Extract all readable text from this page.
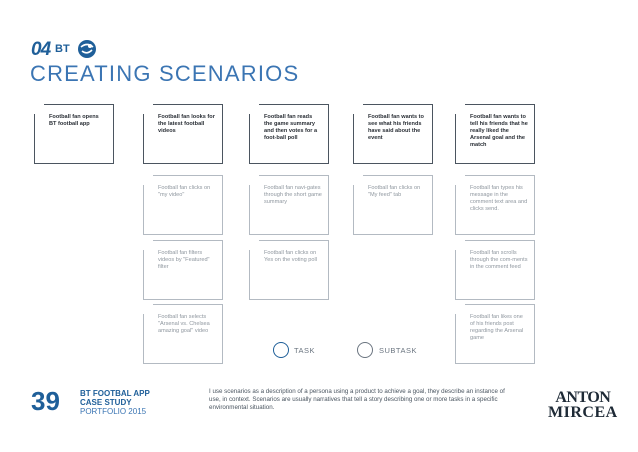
04 BT
CREATING SCENARIOS
Football fan opens BT football app
Football fan looks for the latest football videos
Football fan reads the game summary and then votes for a foot-ball poll
Football fan wants to see what his friends have said about the event
Football fan wants to tell his friends that he really liked the Arsenal goal and the match
Football fan clicks on "my video"
Football fan navi-gates through the short game summary
Football fan clicks on "My feed" tab
Football fan types his message in the comment text area and clicks send.
Football fan filters videos by "Featured" filter
Football fan clicks on Yes on the voting poll
Football fan scrolls through the com-ments in the comment feed
Football fan selects "Arsenal vs. Chelsea amazing goal" video
Football fan likes one of his friends post regarding the Arsenal game
TASK	SUBTASK
39	BT FOOTBAL APP
CASE STUDY
PORTFOLIO 2015
I use scenarios as a description of a persona using a product to achieve a goal, they describe an instance of use, in context. Scenarios are usually narratives that tell a story describing one or more tasks in a specific environmental situation.
ANTON
MIRCEA
